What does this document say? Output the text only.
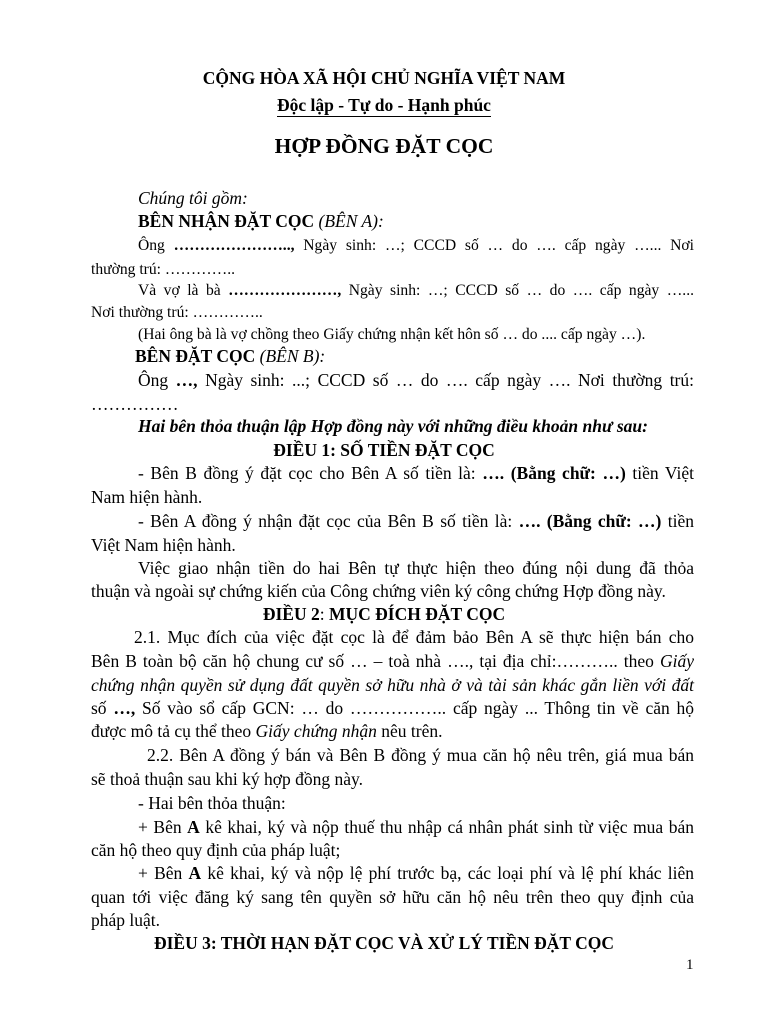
CỘNG HÒA XÃ HỘI CHỦ NGHĨA VIỆT NAM
Độc lập - Tự do - Hạnh phúc
HỢP ĐỒNG ĐẶT CỌC
Chúng tôi gồm:
BÊN NHẬN ĐẶT CỌC (BÊN A):
Ông ………………….., Ngày sinh: …; CCCD số … do …. cấp ngày …... Nơi
thường trú: …………..
Và vợ là bà …………………, Ngày sinh: …; CCCD số … do …. cấp ngày …...
Nơi thường trú: …………..
(Hai ông bà là vợ chồng theo Giấy chứng nhận kết hôn số … do .... cấp ngày …).
BÊN ĐẶT CỌC (BÊN B):
Ông …, Ngày sinh: ...; CCCD số … do …. cấp ngày …. Nơi thường trú:
……………
Hai bên thỏa thuận lập Hợp đồng này với những điều khoản như sau:
ĐIỀU 1: SỐ TIỀN ĐẶT CỌC
- Bên B đồng ý đặt cọc cho Bên A số tiền là: …. (Bằng chữ: …) tiền Việt
Nam hiện hành.
- Bên A đồng ý nhận đặt cọc của Bên B số tiền là: …. (Bằng chữ: …) tiền
Việt Nam hiện hành.
Việc giao nhận tiền do hai Bên tự thực hiện theo đúng nội dung đã thỏa
thuận và ngoài sự chứng kiến của Công chứng viên ký công chứng Hợp đồng này.
ĐIỀU 2: MỤC ĐÍCH ĐẶT CỌC
2.1. Mục đích của việc đặt cọc là để đảm bảo Bên A sẽ thực hiện bán cho
Bên B toàn bộ căn hộ chung cư số … – toà nhà …., tại địa chỉ:……….. theo Giấy
chứng nhận quyền sử dụng đất quyền sở hữu nhà ở và tài sản khác gắn liền với đất
số …, Số vào sổ cấp GCN: … do …………….. cấp ngày ... Thông tin về căn hộ
được mô tả cụ thể theo Giấy chứng nhận nêu trên.
2.2. Bên A đồng ý bán và Bên B đồng ý mua căn hộ nêu trên, giá mua bán
sẽ thoả thuận sau khi ký hợp đồng này.
- Hai bên thỏa thuận:
+ Bên A kê khai, ký và nộp thuế thu nhập cá nhân phát sinh từ việc mua bán
căn hộ theo quy định của pháp luật;
+ Bên A kê khai, ký và nộp lệ phí trước bạ, các loại phí và lệ phí khác liên
quan tới việc đăng ký sang tên quyền sở hữu căn hộ nêu trên theo quy định của
pháp luật.
ĐIỀU 3: THỜI HẠN ĐẶT CỌC VÀ XỬ LÝ TIỀN ĐẶT CỌC
1
